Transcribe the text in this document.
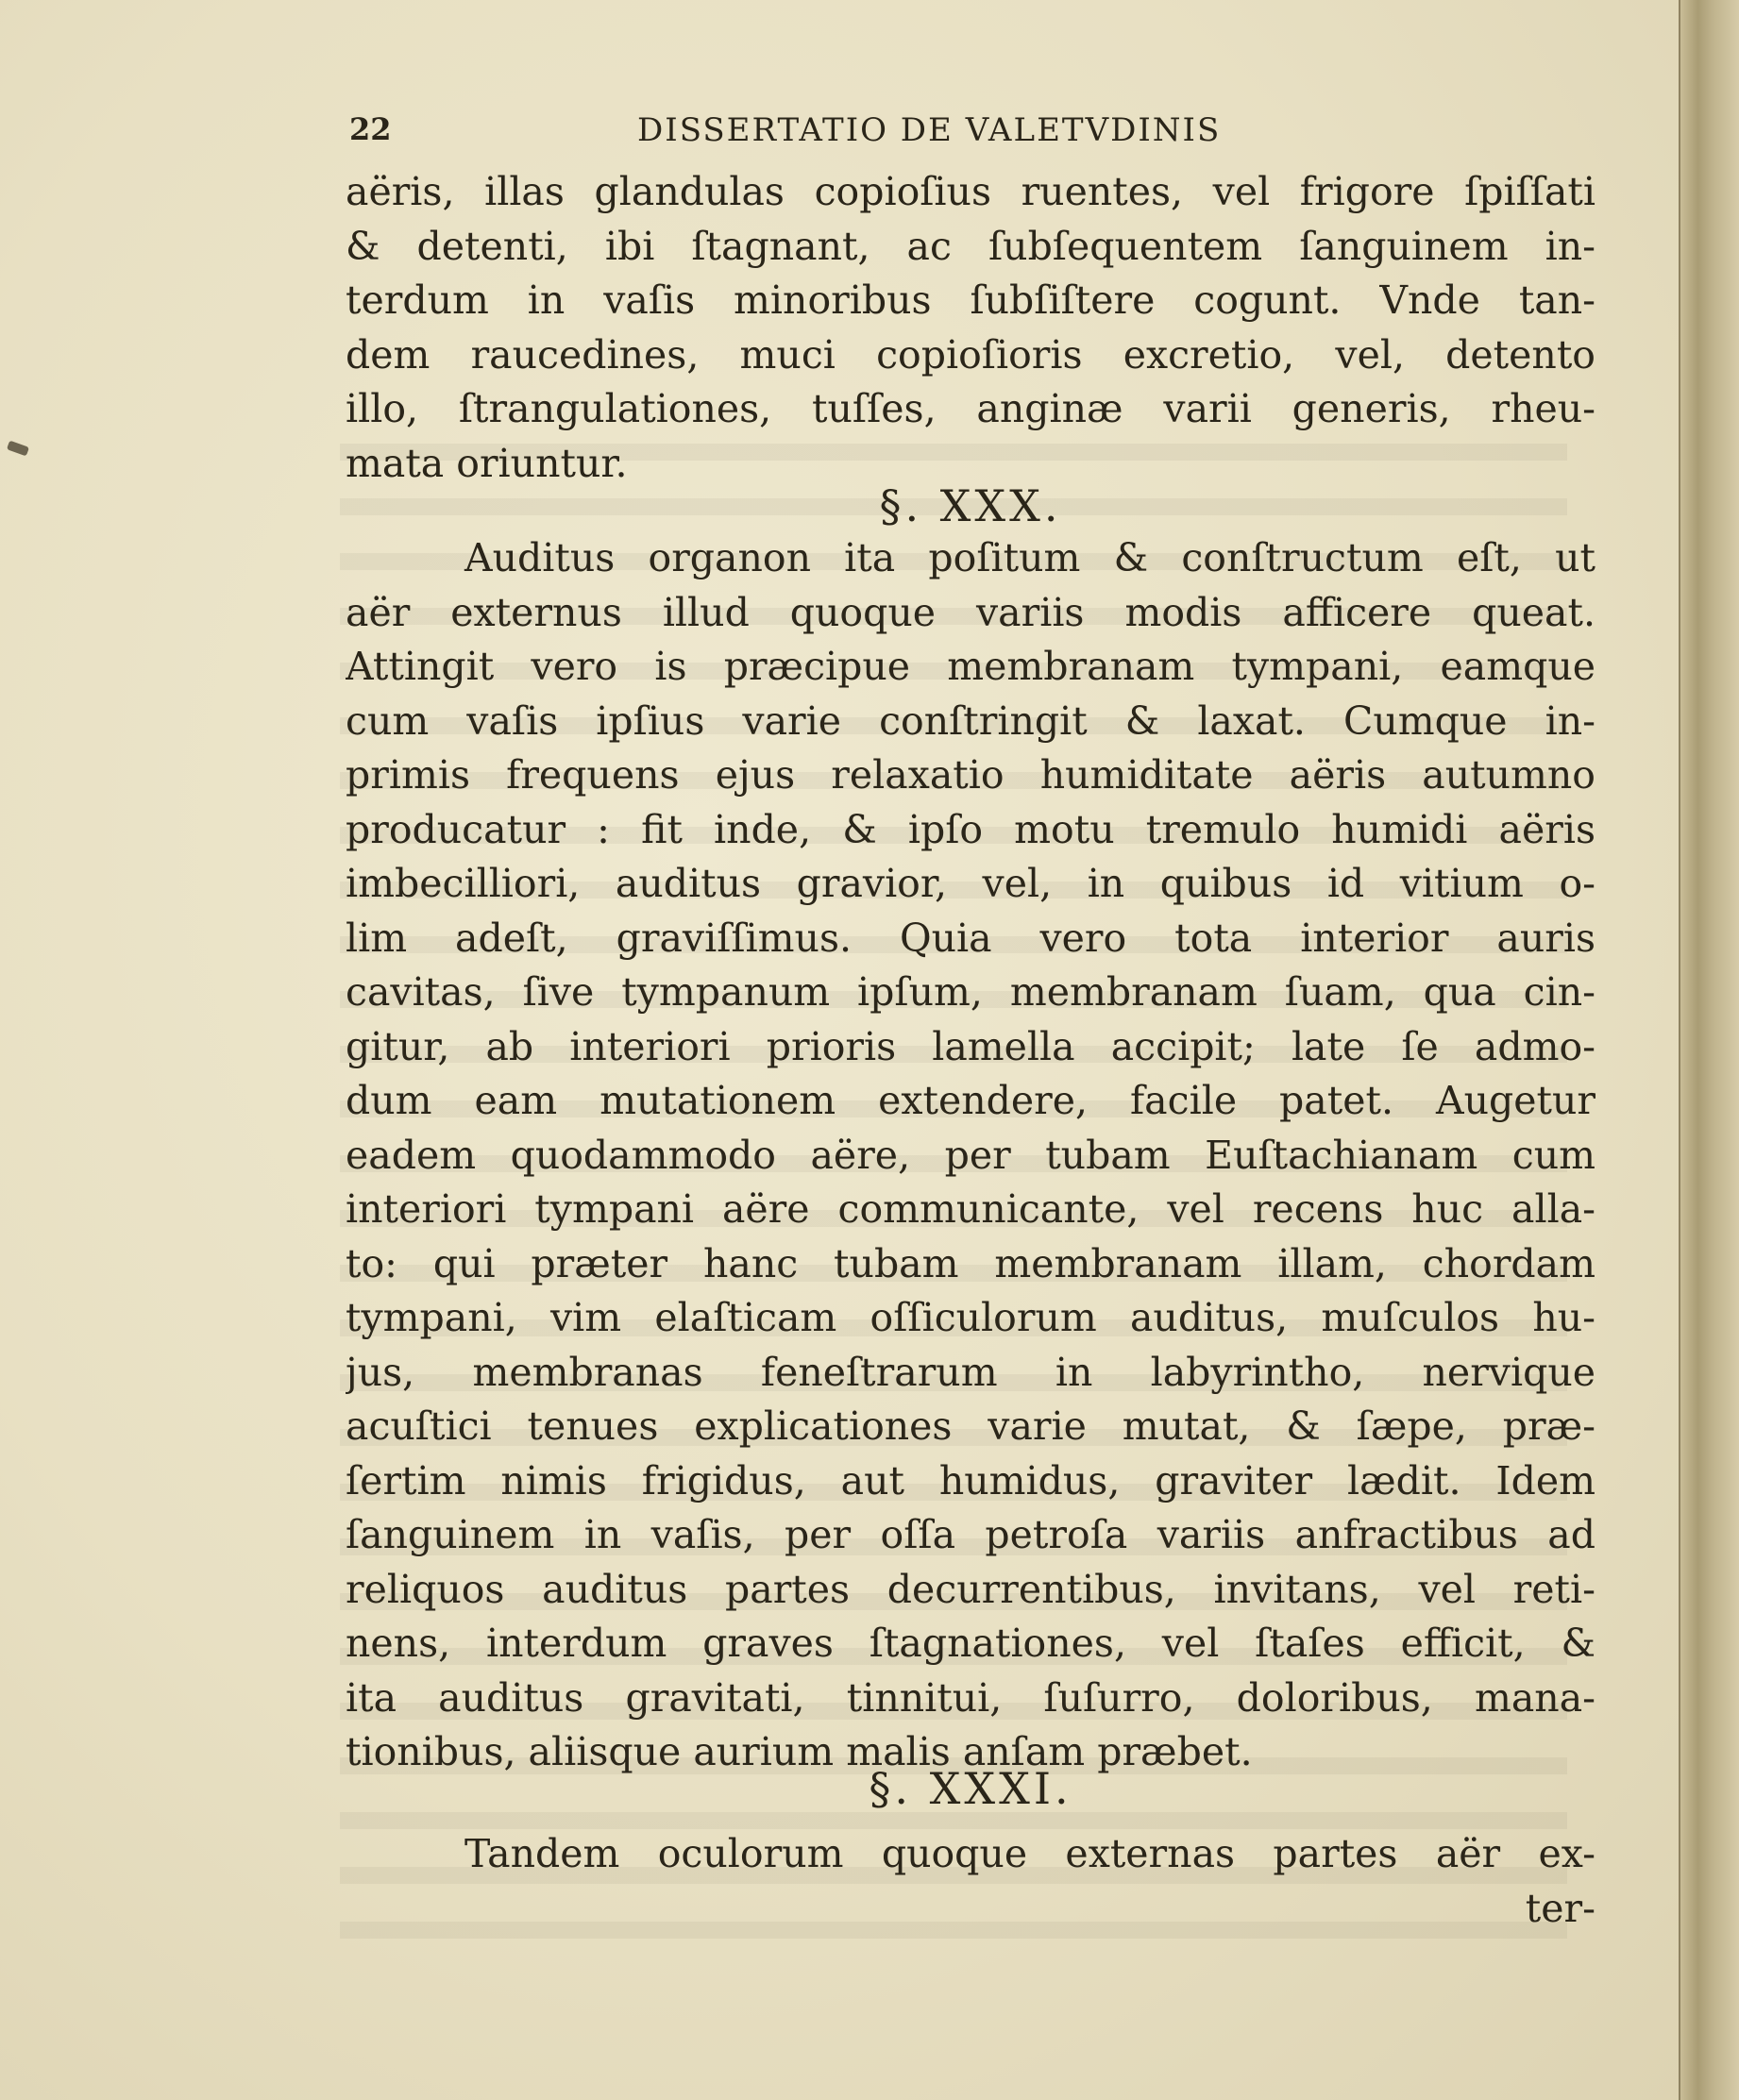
22	DISSERTATIO DE VALETVDINIS
aëris, illas glandulas copioſius ruentes, vel frigore ſpiſſati
& detenti, ibi ſtagnant, ac ſubſequentem ſanguinem in-
terdum in vaſis minoribus ſubſiſtere cogunt. Vnde tan-
dem raucedines, muci copioſioris excretio, vel, detento
illo, ſtrangulationes, tuſſes, anginæ varii generis, rheu-
mata oriuntur.
§. XXX.
Auditus organon ita poſitum & conſtructum eſt, ut
aër externus illud quoque variis modis afficere queat.
Attingit vero is præcipue membranam tympani, eamque
cum vaſis ipſius varie conſtringit & laxat. Cumque in-
primis frequens ejus relaxatio humiditate aëris autumno
producatur : fit inde, & ipſo motu tremulo humidi aëris
imbecilliori, auditus gravior, vel, in quibus id vitium o-
lim adeſt, graviſſimus. Quia vero tota interior auris
cavitas, ſive tympanum ipſum, membranam ſuam, qua cin-
gitur, ab interiori prioris lamella accipit; late ſe admo-
dum eam mutationem extendere, facile patet. Augetur
eadem quodammodo aëre, per tubam Euſtachianam cum
interiori tympani aëre communicante, vel recens huc alla-
to: qui præter hanc tubam membranam illam, chordam
tympani, vim elaſticam oſſiculorum auditus, muſculos hu-
jus, membranas feneſtrarum in labyrintho, nervique
acuſtici tenues explicationes varie mutat, & ſæpe, præ-
ſertim nimis frigidus, aut humidus, graviter lædit. Idem
ſanguinem in vaſis, per oſſa petroſa variis anfractibus ad
reliquos auditus partes decurrentibus, invitans, vel reti-
nens, interdum graves ſtagnationes, vel ſtaſes efficit, &
ita auditus gravitati, tinnitui, ſuſurro, doloribus, mana-
tionibus, aliisque aurium malis anſam præbet.
§. XXXI.
Tandem oculorum quoque externas partes aër ex-
ter-
